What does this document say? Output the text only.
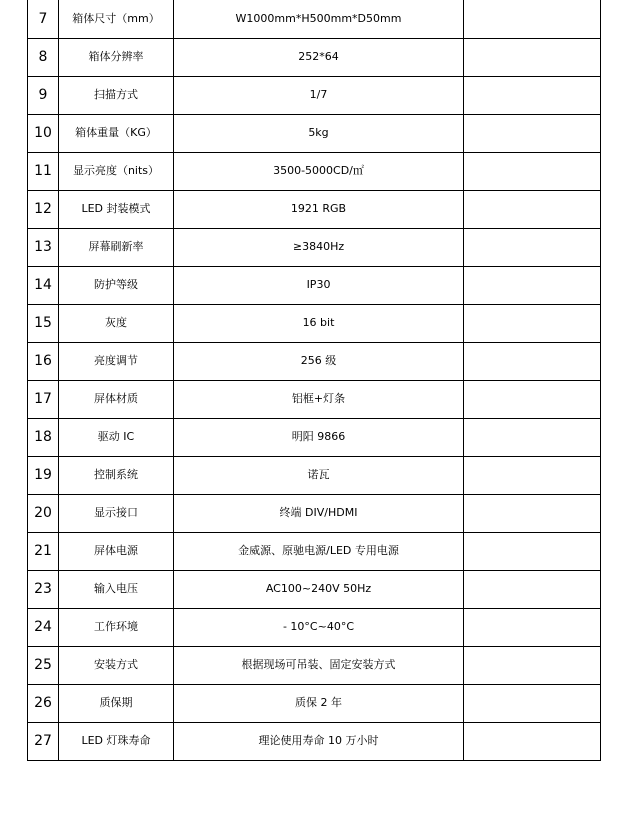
7	箱体尺寸（mm）	W1000mm*H500mm*D50mm	
8	箱体分辨率	252*64	
9	扫描方式	1/7	
10	箱体重量（KG）	5kg	
11	显示亮度（nits）	3500-5000CD/㎡	
12	LED 封装模式	1921 RGB	
13	屏幕刷新率	≥3840Hz	
14	防护等级	IP30	
15	灰度	16 bit	
16	亮度调节	256 级	
17	屏体材质	铝框+灯条	
18	驱动 IC	明阳 9866	
19	控制系统	诺瓦	
20	显示接口	终端 DIV/HDMI	
21	屏体电源	金威源、原驰电源/LED 专用电源	
23	输入电压	AC100~240V 50Hz	
24	工作环境	- 10°C~40°C	
25	安装方式	根据现场可吊装、固定安装方式	
26	质保期	质保 2 年	
27	LED 灯珠寿命	理论使用寿命 10 万小时	
